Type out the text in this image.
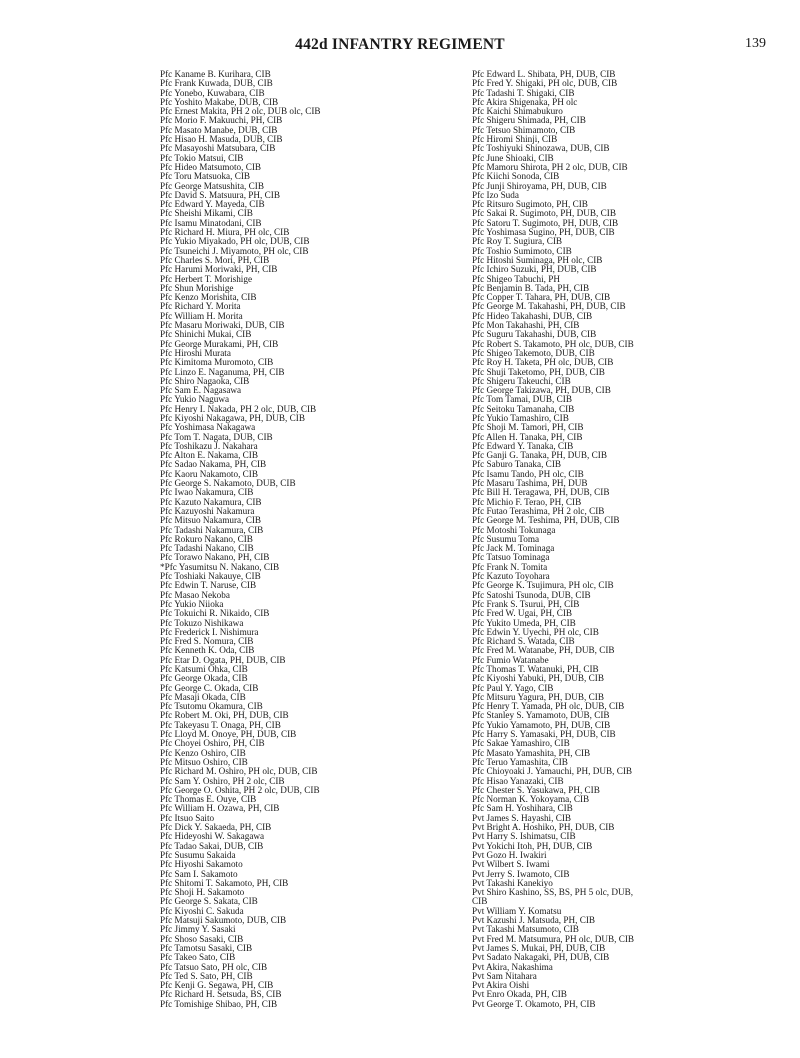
442d INFANTRY REGIMENT	139
Pfc Kaname B. Kurihara, CIB
Pfc Frank Kuwada, DUB, CIB
Pfc Yonebo, Kuwabara, CIB
Pfc Yoshito Makabe, DUB, CIB
Pfc Ernest Makita, PH 2 olc, DUB olc, CIB
Pfc Morio F. Makuuchi, PH, CIB
Pfc Masato Manabe, DUB, CIB
Pfc Hisao H. Masuda, DUB, CIB
Pfc Masayoshi Matsubara, CIB
Pfc Tokio Matsui, CIB
Pfc Hideo Matsumoto, CIB
Pfc Toru Matsuoka, CIB
Pfc George Matsushita, CIB
Pfc David S. Matsuura, PH, CIB
Pfc Edward Y. Mayeda, CIB
Pfc Sheishi Mikami, CIB
Pfc Isamu Minatodani, CIB
Pfc Richard H. Miura, PH olc, CIB
Pfc Yukio Miyakado, PH olc, DUB, CIB
Pfc Tsuneichi J. Miyamoto, PH olc, CIB
Pfc Charles S. Mori, PH, CIB
Pfc Harumi Moriwaki, PH, CIB
Pfc Herbert T. Morishige
Pfc Shun Morishige
Pfc Kenzo Morishita, CIB
Pfc Richard Y. Morita
Pfc William H. Morita
Pfc Masaru Moriwaki, DUB, CIB
Pfc Shinichi Mukai, CIB
Pfc George Murakami, PH, CIB
Pfc Hiroshi Murata
Pfc Kimitoma Muromoto, CIB
Pfc Linzo E. Naganuma, PH, CIB
Pfc Shiro Nagaoka, CIB
Pfc Sam E. Nagasawa
Pfc Yukio Naguwa
Pfc Henry I. Nakada, PH 2 olc, DUB, CIB
Pfc Kiyoshi Nakagawa, PH, DUB, CIB
Pfc Yoshimasa Nakagawa
Pfc Tom T. Nagata, DUB, CIB
Pfc Toshikazu J. Nakahara
Pfc Alton E. Nakama, CIB
Pfc Sadao Nakama, PH, CIB
Pfc Kaoru Nakamoto, CIB
Pfc George S. Nakamoto, DUB, CIB
Pfc Iwao Nakamura, CIB
Pfc Kazuto Nakamura, CIB
Pfc Kazuyoshi Nakamura
Pfc Mitsuo Nakamura, CIB
Pfc Tadashi Nakamura, CIB
Pfc Rokuro Nakano, CIB
Pfc Tadashi Nakano, CIB
Pfc Torawo Nakano, PH, CIB
*Pfc Yasumitsu N. Nakano, CIB
Pfc Toshiaki Nakauye, CIB
Pfc Edwin T. Naruse, CIB
Pfc Masao Nekoba
Pfc Yukio Niioka
Pfc Tokuichi R. Nikaido, CIB
Pfc Tokuzo Nishikawa
Pfc Frederick I. Nishimura
Pfc Fred S. Nomura, CIB
Pfc Kenneth K. Oda, CIB
Pfc Etar D. Ogata, PH, DUB, CIB
Pfc Katsumi Ohka, CIB
Pfc George Okada, CIB
Pfc George C. Okada, CIB
Pfc Masaji Okada, CIB
Pfc Tsutomu Okamura, CIB
Pfc Robert M. Oki, PH, DUB, CIB
Pfc Takeyasu T. Onaga, PH, CIB
Pfc Lloyd M. Onoye, PH, DUB, CIB
Pfc Choyei Oshiro, PH, CIB
Pfc Kenzo Oshiro, CIB
Pfc Mitsuo Oshiro, CIB
Pfc Richard M. Oshiro, PH olc, DUB, CIB
Pfc Sam Y. Oshiro, PH 2 olc, CIB
Pfc George O. Oshita, PH 2 olc, DUB, CIB
Pfc Thomas E. Ouye, CIB
Pfc William H. Ozawa, PH, CIB
Pfc Itsuo Saito
Pfc Dick Y. Sakaeda, PH, CIB
Pfc Hideyoshi W. Sakagawa
Pfc Tadao Sakai, DUB, CIB
Pfc Susumu Sakaida
Pfc Hiyoshi Sakamoto
Pfc Sam I. Sakamoto
Pfc Shitomi T. Sakamoto, PH, CIB
Pfc Shoji H. Sakamoto
Pfc George S. Sakata, CIB
Pfc Kiyoshi C. Sakuda
Pfc Matsuji Sakumoto, DUB, CIB
Pfc Jimmy Y. Sasaki
Pfc Shoso Sasaki, CIB
Pfc Tamotsu Sasaki, CIB
Pfc Takeo Sato, CIB
Pfc Tatsuo Sato, PH olc, CIB
Pfc Ted S. Sato, PH, CIB
Pfc Kenji G. Segawa, PH, CIB
Pfc Richard H. Setsuda, BS, CIB
Pfc Tomishige Shibao, PH, CIB
Pfc Edward L. Shibata, PH, DUB, CIB
Pfc Fred Y. Shigaki, PH olc, DUB, CIB
Pfc Tadashi T. Shigaki, CIB
Pfc Akira Shigenaka, PH olc
Pfc Kaichi Shimabukuro
Pfc Shigeru Shimada, PH, CIB
Pfc Tetsuo Shimamoto, CIB
Pfc Hiromi Shinji, CIB
Pfc Toshiyuki Shinozawa, DUB, CIB
Pfc June Shioaki, CIB
Pfc Mamoru Shirota, PH 2 olc, DUB, CIB
Pfc Kiichi Sonoda, CIB
Pfc Junji Shiroyama, PH, DUB, CIB
Pfc Izo Suda
Pfc Ritsuro Sugimoto, PH, CIB
Pfc Sakai R. Sugimoto, PH, DUB, CIB
Pfc Satoru T. Sugimoto, PH, DUB, CIB
Pfc Yoshimasa Sugino, PH, DUB, CIB
Pfc Roy T. Sugiura, CIB
Pfc Toshio Sumimoto, CIB
Pfc Hitoshi Suminaga, PH olc, CIB
Pfc Ichiro Suzuki, PH, DUB, CIB
Pfc Shigeo Tabuchi, PH
Pfc Benjamin B. Tada, PH, CIB
Pfc Copper T. Tahara, PH, DUB, CIB
Pfc George M. Takahashi, PH, DUB, CIB
Pfc Hideo Takahashi, DUB, CIB
Pfc Mon Takahashi, PH, CIB
Pfc Suguru Takahashi, DUB, CIB
Pfc Robert S. Takamoto, PH olc, DUB, CIB
Pfc Shigeo Takemoto, DUB, CIB
Pfc Roy H. Taketa, PH olc, DUB, CIB
Pfc Shuji Taketomo, PH, DUB, CIB
Pfc Shigeru Takeuchi, CIB
Pfc George Takizawa, PH, DUB, CIB
Pfc Tom Tamai, DUB, CIB
Pfc Seitoku Tamanaha, CIB
Pfc Yukio Tamashiro, CIB
Pfc Shoji M. Tamori, PH, CIB
Pfc Allen H. Tanaka, PH, CIB
Pfc Edward Y. Tanaka, CIB
Pfc Ganji G. Tanaka, PH, DUB, CIB
Pfc Saburo Tanaka, CIB
Pfc Isamu Tando, PH olc, CIB
Pfc Masaru Tashima, PH, DUB
Pfc Bill H. Teragawa, PH, DUB, CIB
Pfc Michio F. Terao, PH, CIB
Pfc Futao Terashima, PH 2 olc, CIB
Pfc George M. Teshima, PH, DUB, CIB
Pfc Motoshi Tokunaga
Pfc Susumu Toma
Pfc Jack M. Tominaga
Pfc Tatsuo Tominaga
Pfc Frank N. Tomita
Pfc Kazuto Toyohara
Pfc George K. Tsujimura, PH olc, CIB
Pfc Satoshi Tsunoda, DUB, CIB
Pfc Frank S. Tsurui, PH, CIB
Pfc Fred W. Ugai, PH, CIB
Pfc Yukito Umeda, PH, CIB
Pfc Edwin Y. Uyechi, PH olc, CIB
Pfc Richard S. Watada, CIB
Pfc Fred M. Watanabe, PH, DUB, CIB
Pfc Fumio Watanabe
Pfc Thomas T. Watanuki, PH, CIB
Pfc Kiyoshi Yabuki, PH, DUB, CIB
Pfc Paul Y. Yago, CIB
Pfc Mitsuru Yagura, PH, DUB, CIB
Pfc Henry T. Yamada, PH olc, DUB, CIB
Pfc Stanley S. Yamamoto, DUB, CIB
Pfc Yukio Yamamoto, PH, DUB, CIB
Pfc Harry S. Yamasaki, PH, DUB, CIB
Pfc Sakae Yamashiro, CIB
Pfc Masato Yamashita, PH, CIB
Pfc Teruo Yamashita, CIB
Pfc Chioyoaki J. Yamauchi, PH, DUB, CIB
Pfc Hisao Yanazaki, CIB
Pfc Chester S. Yasukawa, PH, CIB
Pfc Norman K. Yokoyama, CIB
Pfc Sam H. Yoshihara, CIB
Pvt James S. Hayashi, CIB
Pvt Bright A. Hoshiko, PH, DUB, CIB
Pvt Harry S. Ishimatsu, CIB
Pvt Yokichi Itoh, PH, DUB, CIB
Pvt Gozo H. Iwakiri
Pvt Wilbert S. Iwami
Pvt Jerry S. Iwamoto, CIB
Pvt Takashi Kanekiyo
Pvt Shiro Kashino, SS, BS, PH 5 olc, DUB,
CIB
Pvt William Y. Komatsu
Pvt Kazushi J. Matsuda, PH, CIB
Pvt Takashi Matsumoto, CIB
Pvt Fred M. Matsumura, PH olc, DUB, CIB
Pvt James S. Mukai, PH, DUB, CIB
Pvt Sadato Nakagaki, PH, DUB, CIB
Pvt Akira, Nakashima
Pvt Sam Nitahara
Pvt Akira Oishi
Pvt Enro Okada, PH, CIB
Pvt George T. Okamoto, PH, CIB
